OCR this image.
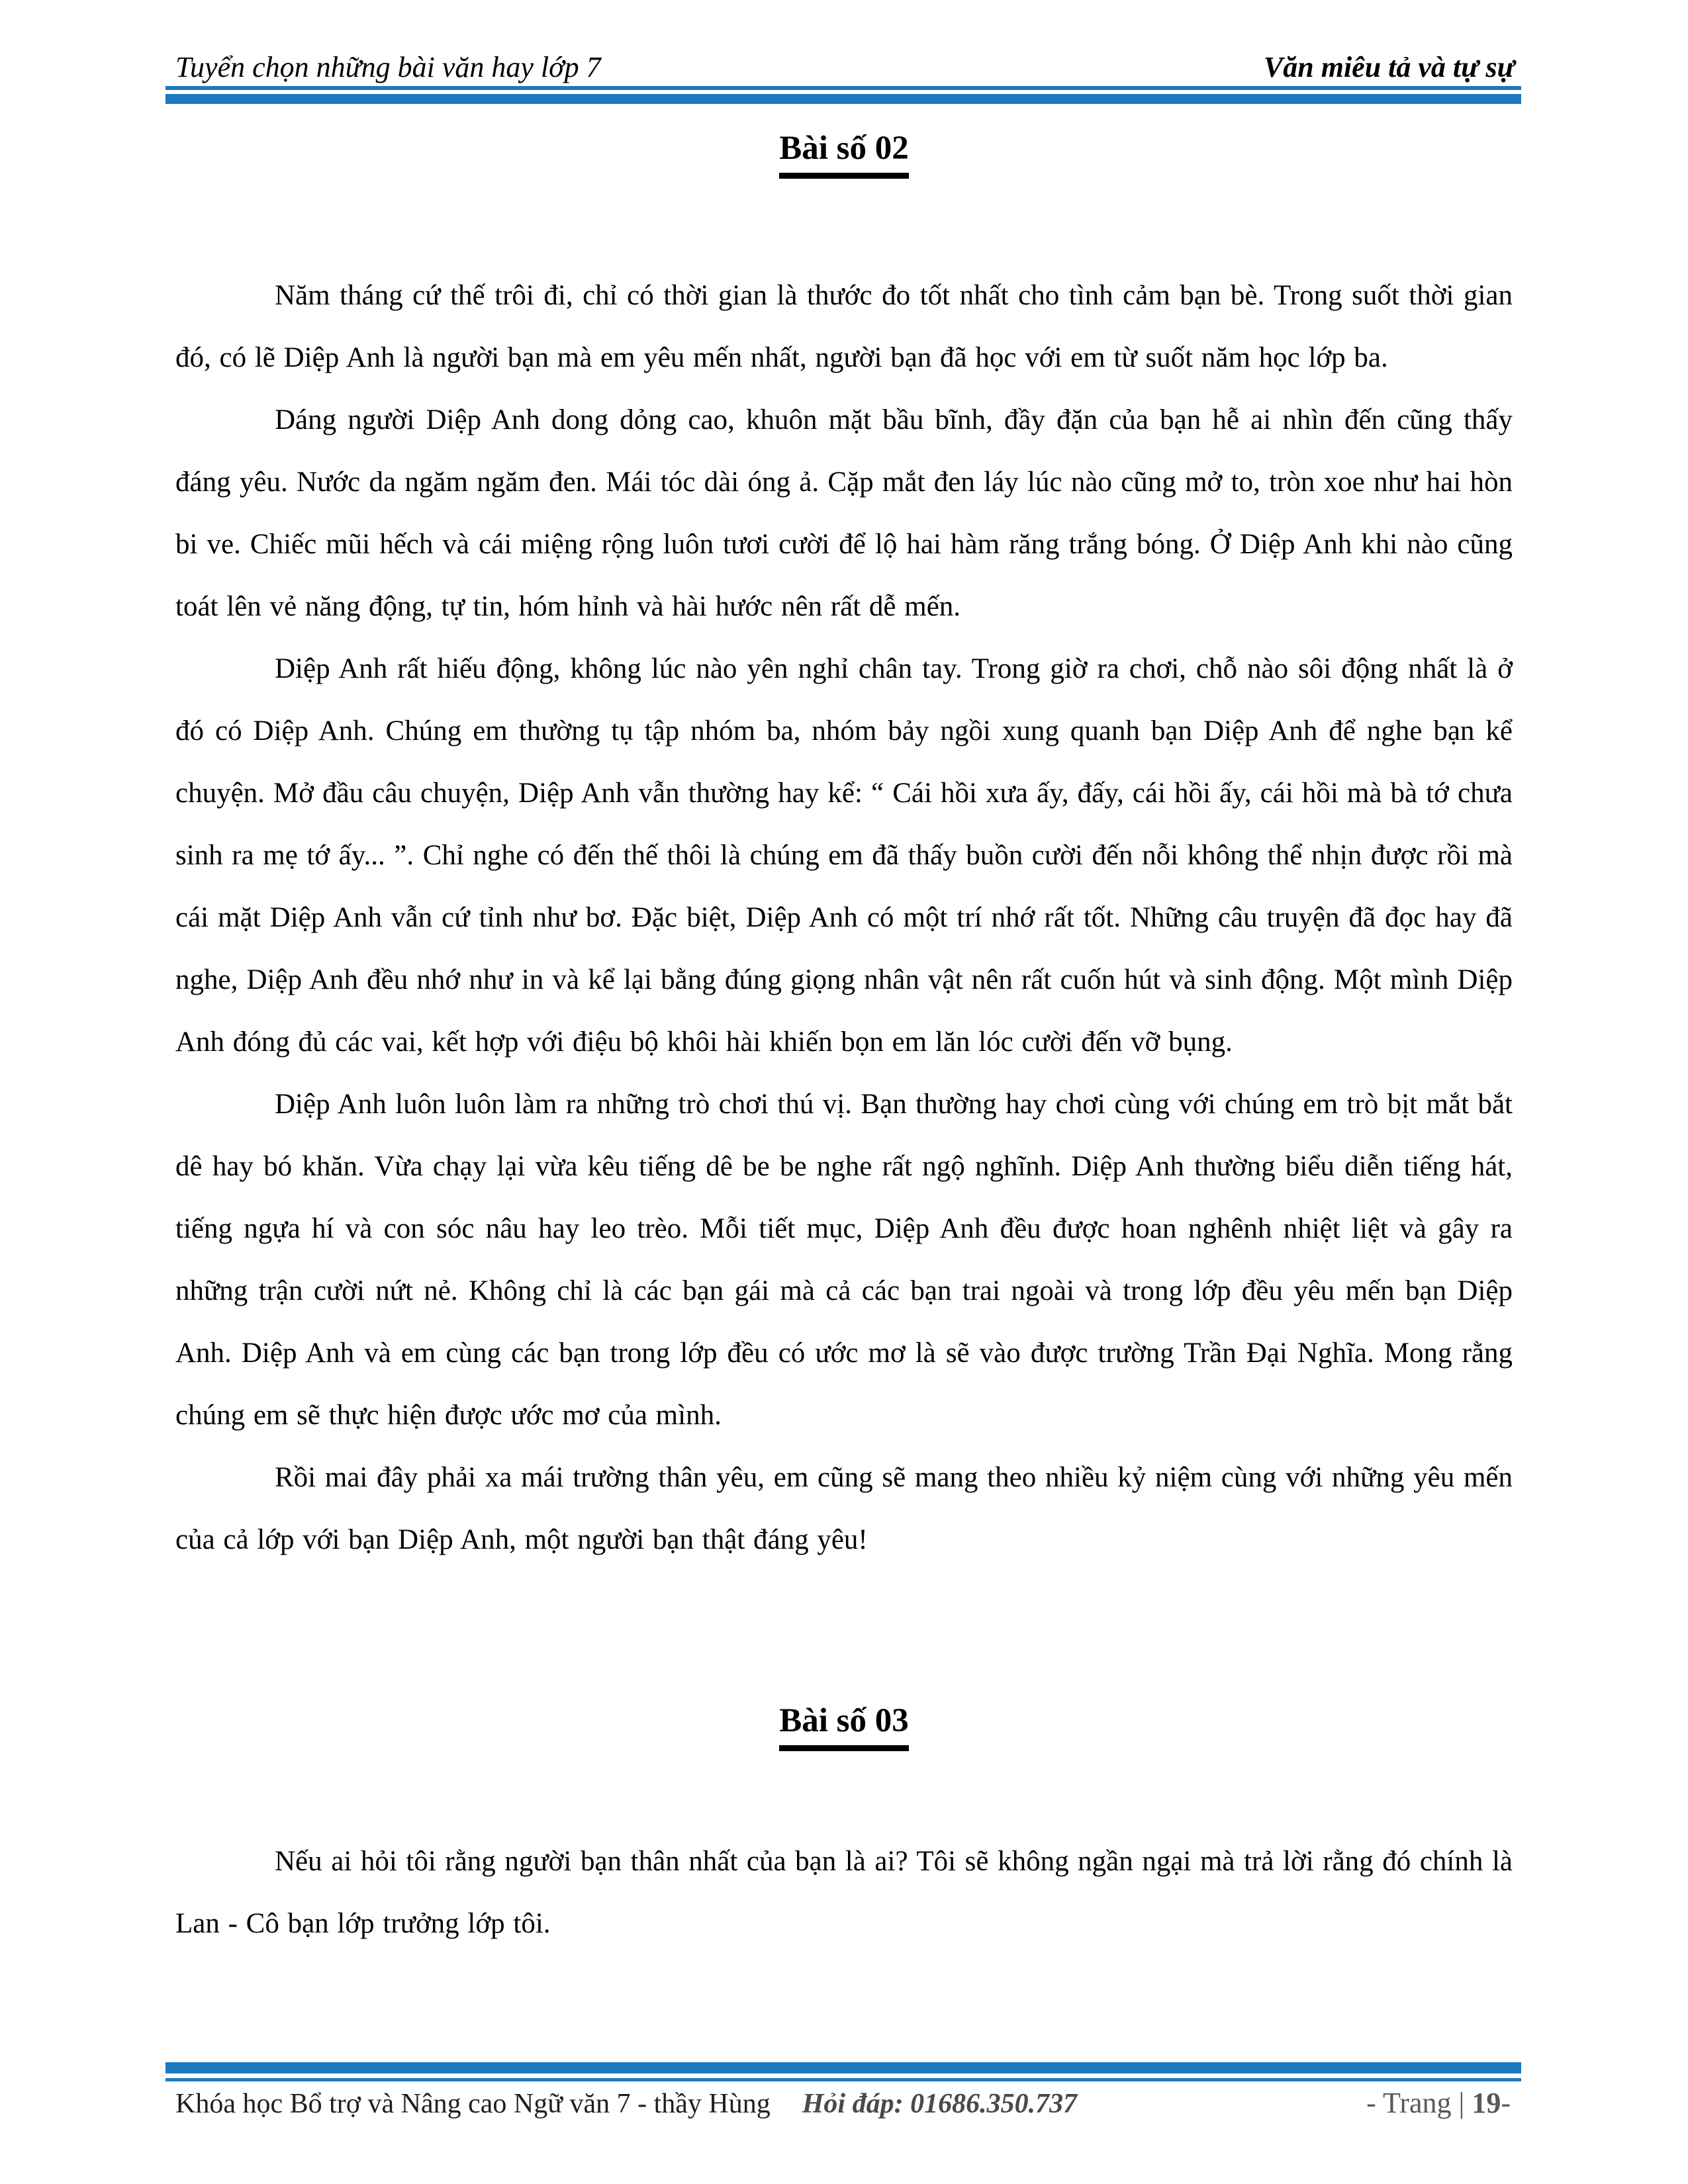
Tuyển chọn những bài văn hay lớp 7	Văn miêu tả và tự sự
Bài số 02

Năm tháng cứ thế trôi đi, chỉ có thời gian là thước đo tốt nhất cho tình cảm bạn bè. Trong suốt thời gian đó, có lẽ Diệp Anh là người bạn mà em yêu mến nhất, người bạn đã học với em từ suốt năm học lớp ba.

Dáng người Diệp Anh dong dỏng cao, khuôn mặt bầu bĩnh, đầy đặn của bạn hễ ai nhìn đến cũng thấy đáng yêu. Nước da ngăm ngăm đen. Mái tóc dài óng ả. Cặp mắt đen láy lúc nào cũng mở to, tròn xoe như hai hòn bi ve. Chiếc mũi hếch và cái miệng rộng luôn tươi cười để lộ hai hàm răng trắng bóng. Ở Diệp Anh khi nào cũng toát lên vẻ năng động, tự tin, hóm hỉnh và hài hước nên rất dễ mến.

Diệp Anh rất hiếu động, không lúc nào yên nghỉ chân tay. Trong giờ ra chơi, chỗ nào sôi động nhất là ở đó có Diệp Anh. Chúng em thường tụ tập nhóm ba, nhóm bảy ngồi xung quanh bạn Diệp Anh để nghe bạn kể chuyện. Mở đầu câu chuyện, Diệp Anh vẫn thường hay kể: “ Cái hồi xưa ấy, đấy, cái hồi ấy, cái hồi mà bà tớ chưa sinh ra mẹ tớ ấy... ”. Chỉ nghe có đến thế thôi là chúng em đã thấy buồn cười đến nỗi không thể nhịn được rồi mà cái mặt Diệp Anh vẫn cứ tỉnh như bơ. Đặc biệt, Diệp Anh có một trí nhớ rất tốt. Những câu truyện đã đọc hay đã nghe, Diệp Anh đều nhớ như in và kể lại bằng đúng giọng nhân vật nên rất cuốn hút và sinh động. Một mình Diệp Anh đóng đủ các vai, kết hợp với điệu bộ khôi hài khiến bọn em lăn lóc cười đến vỡ bụng.

Diệp Anh luôn luôn làm ra những trò chơi thú vị. Bạn thường hay chơi cùng với chúng em trò bịt mắt bắt dê hay bó khăn. Vừa chạy lại vừa kêu tiếng dê be be nghe rất ngộ nghĩnh. Diệp Anh thường biểu diễn tiếng hát, tiếng ngựa hí và con sóc nâu hay leo trèo. Mỗi tiết mục, Diệp Anh đều được hoan nghênh nhiệt liệt và gây ra những trận cười nứt nẻ. Không chỉ là các bạn gái mà cả các bạn trai ngoài và trong lớp đều yêu mến bạn Diệp Anh. Diệp Anh và em cùng các bạn trong lớp đều có ước mơ là sẽ vào được trường Trần Đại Nghĩa. Mong rằng chúng em sẽ thực hiện được ước mơ của mình.

Rồi mai đây phải xa mái trường thân yêu, em cũng sẽ mang theo nhiều kỷ niệm cùng với những yêu mến của cả lớp với bạn Diệp Anh, một người bạn thật đáng yêu!

Bài số 03

Nếu ai hỏi tôi rằng người bạn thân nhất của bạn là ai? Tôi sẽ không ngần ngại mà trả lời rằng đó chính là Lan - Cô bạn lớp trưởng lớp tôi.

Khóa học Bổ trợ và Nâng cao Ngữ văn 7 - thầy Hùng Hỏi đáp: 01686.350.737	- Trang | 19-
